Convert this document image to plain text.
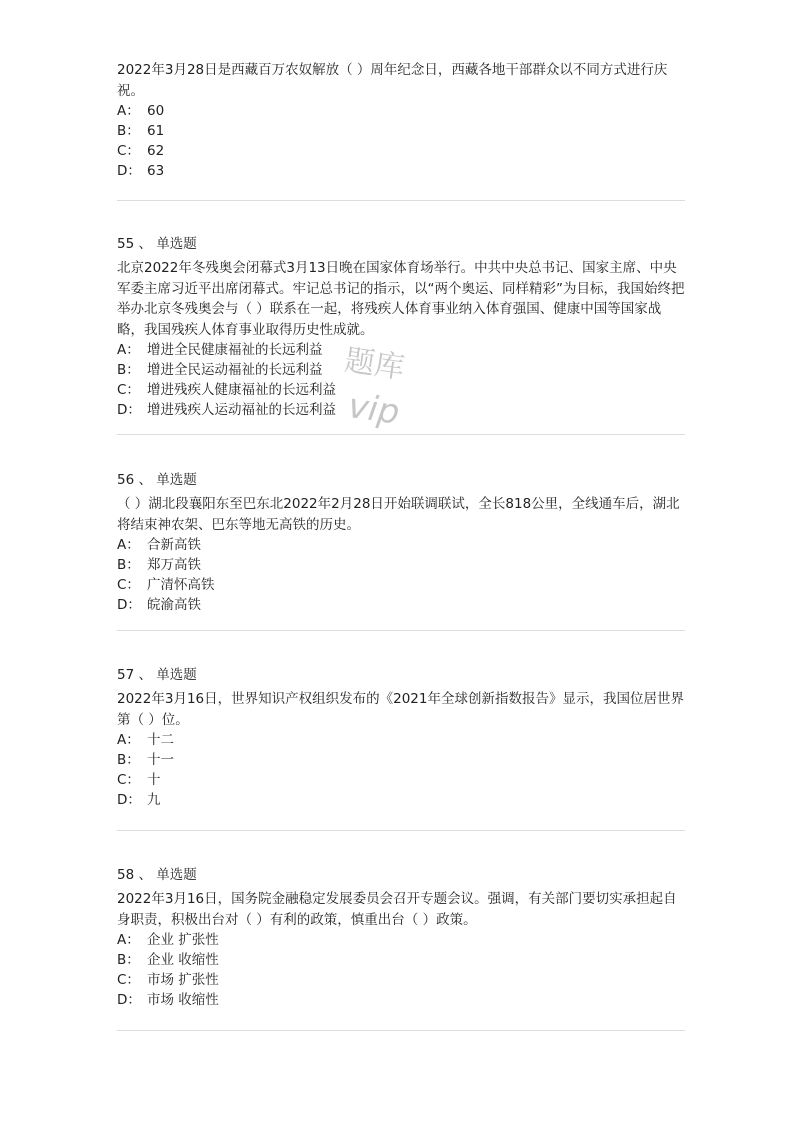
2022年3月28日是西藏百万农奴解放（ ）周年纪念日，西藏各地干部群众以不同方式进行庆祝。

A： 60
B： 61
C： 62
D： 63
55 、 单选题

北京2022年冬残奥会闭幕式3月13日晚在国家体育场举行。中共中央总书记、国家主席、中央军委主席习近平出席闭幕式。牢记总书记的指示，以“两个奥运、同样精彩”为目标，我国始终把举办北京冬残奥会与（ ）联系在一起，将残疾人体育事业纳入体育强国、健康中国等国家战略，我国残疾人体育事业取得历史性成就。

A： 增进全民健康福祉的长远利益
B： 增进全民运动福祉的长远利益
C： 增进残疾人健康福祉的长远利益
D： 增进残疾人运动福祉的长远利益
56 、 单选题

（ ）湖北段襄阳东至巴东北2022年2月28日开始联调联试，全长818公里，全线通车后，湖北将结束神农架、巴东等地无高铁的历史。

A： 合新高铁
B： 郑万高铁
C： 广清怀高铁
D： 皖渝高铁
57 、 单选题

2022年3月16日，世界知识产权组织发布的《2021年全球创新指数报告》显示，我国位居世界第（ ）位。

A： 十二
B： 十一
C： 十
D： 九
58 、 单选题

2022年3月16日，国务院金融稳定发展委员会召开专题会议。强调，有关部门要切实承担起自身职责，积极出台对（ ）有利的政策，慎重出台（ ）政策。

A： 企业 扩张性
B： 企业 收缩性
C： 市场 扩张性
D： 市场 收缩性
题库
vip
